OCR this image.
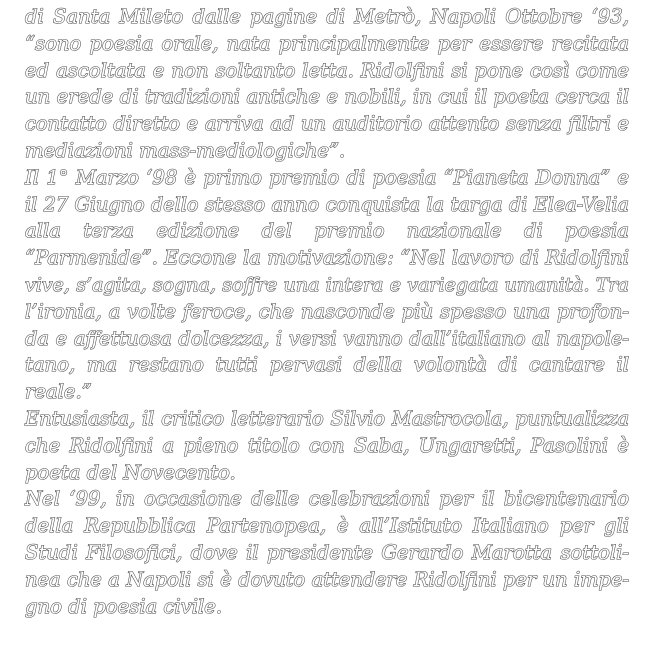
di Santa Mileto dalle pagine di Metrò, Napoli Ottobre ‘93,
“sono poesia orale, nata principalmente per essere recitata
ed ascoltata e non soltanto letta. Ridolfini si pone così come
un erede di tradizioni antiche e nobili, in cui il poeta cerca il
contatto diretto e arriva ad un auditorio attento senza filtri e
mediazioni mass-mediologiche”.
Il 1° Marzo ‘98 è primo premio di poesia “Pianeta Donna” e
il 27 Giugno dello stesso anno conquista la targa di Elea-Velia
alla terza edizione del premio nazionale di poesia
“Parmenide”. Eccone la motivazione: “Nel lavoro di Ridolfini
vive, s’agita, sogna, soffre una intera e variegata umanità. Tra
l’ironia, a volte feroce, che nasconde più spesso una profon-
da e affettuosa dolcezza, i versi vanno dall’italiano al napole-
tano, ma restano tutti pervasi della volontà di cantare il
reale.”
Entusiasta, il critico letterario Silvio Mastrocola, puntualizza
che Ridolfini a pieno titolo con Saba, Ungaretti, Pasolini è
poeta del Novecento.
Nel ‘99, in occasione delle celebrazioni per il bicentenario
della Repubblica Partenopea, è all’Istituto Italiano per gli
Studi Filosofici, dove il presidente Gerardo Marotta sottoli-
nea che a Napoli si è dovuto attendere Ridolfini per un impe-
gno di poesia civile.
